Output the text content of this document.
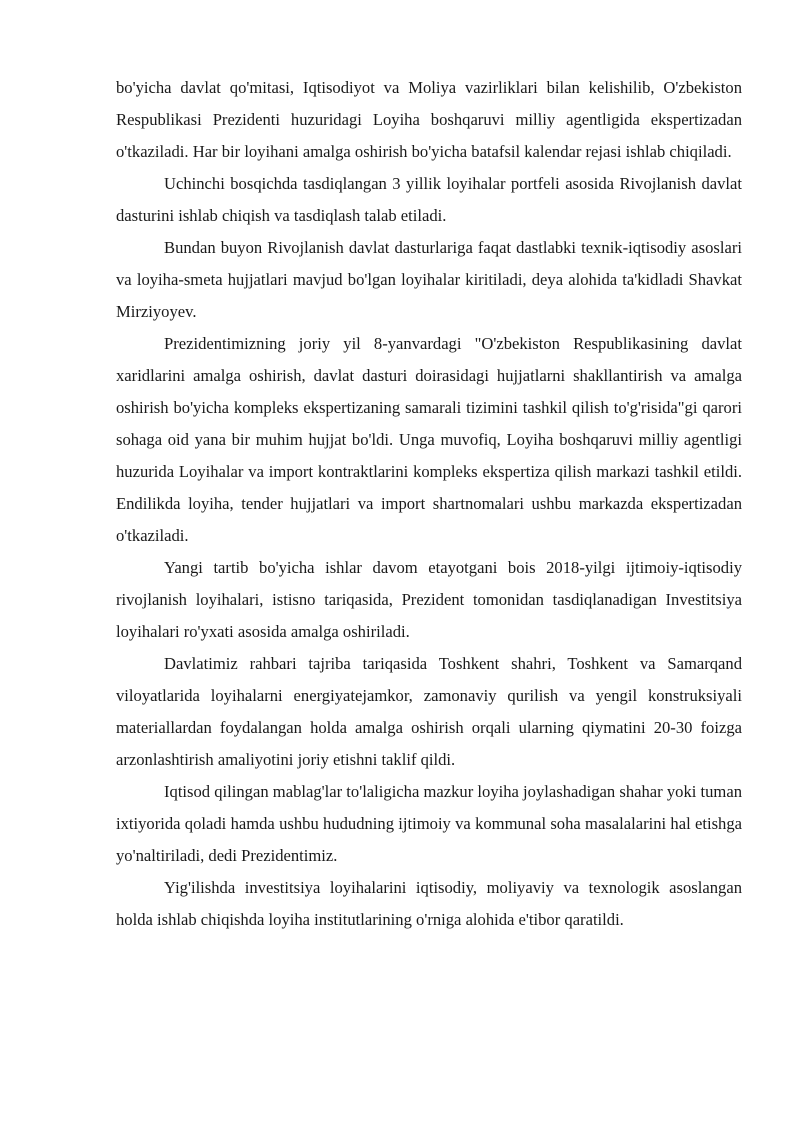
bo'yicha davlat qo'mitasi, Iqtisodiyot va Moliya vazirliklari bilan kelishilib, O'zbekiston Respublikasi Prezidenti huzuridagi Loyiha boshqaruvi milliy agentligida ekspertizadan o'tkaziladi. Har bir loyihani amalga oshirish bo'yicha batafsil kalendar rejasi ishlab chiqiladi.

Uchinchi bosqichda tasdiqlangan 3 yillik loyihalar portfeli asosida Rivojlanish davlat dasturini ishlab chiqish va tasdiqlash talab etiladi.

Bundan buyon Rivojlanish davlat dasturlariga faqat dastlabki texnik-iqtisodiy asoslari va loyiha-smeta hujjatlari mavjud bo'lgan loyihalar kiritiladi, deya alohida ta'kidladi Shavkat Mirziyoyev.

Prezidentimizning joriy yil 8-yanvardagi "O'zbekiston Respublikasining davlat xaridlarini amalga oshirish, davlat dasturi doirasidagi hujjatlarni shakllantirish va amalga oshirish bo'yicha kompleks ekspertizaning samarali tizimini tashkil qilish to'g'risida"gi qarori sohaga oid yana bir muhim hujjat bo'ldi. Unga muvofiq, Loyiha boshqaruvi milliy agentligi huzurida Loyihalar va import kontraktlarini kompleks ekspertiza qilish markazi tashkil etildi. Endilikda loyiha, tender hujjatlari va import shartnomalari ushbu markazda ekspertizadan o'tkaziladi.

Yangi tartib bo'yicha ishlar davom etayotgani bois 2018-yilgi ijtimoiy-iqtisodiy rivojlanish loyihalari, istisno tariqasida, Prezident tomonidan tasdiqlanadigan Investitsiya loyihalari ro'yxati asosida amalga oshiriladi.

Davlatimiz rahbari tajriba tariqasida Toshkent shahri, Toshkent va Samarqand viloyatlarida loyihalarni energiyatejamkor, zamonaviy qurilish va yengil konstruksiyali materiallardan foydalangan holda amalga oshirish orqali ularning qiymatini 20-30 foizga arzonlashtirish amaliyotini joriy etishni taklif qildi.

Iqtisod qilingan mablag'lar to'laligicha mazkur loyiha joylashadigan shahar yoki tuman ixtiyorida qoladi hamda ushbu hududning ijtimoiy va kommunal soha masalalarini hal etishga yo'naltiriladi, dedi Prezidentimiz.

Yig'ilishda investitsiya loyihalarini iqtisodiy, moliyaviy va texnologik asoslangan holda ishlab chiqishda loyiha institutlarining o'rniga alohida e'tibor qaratildi.
